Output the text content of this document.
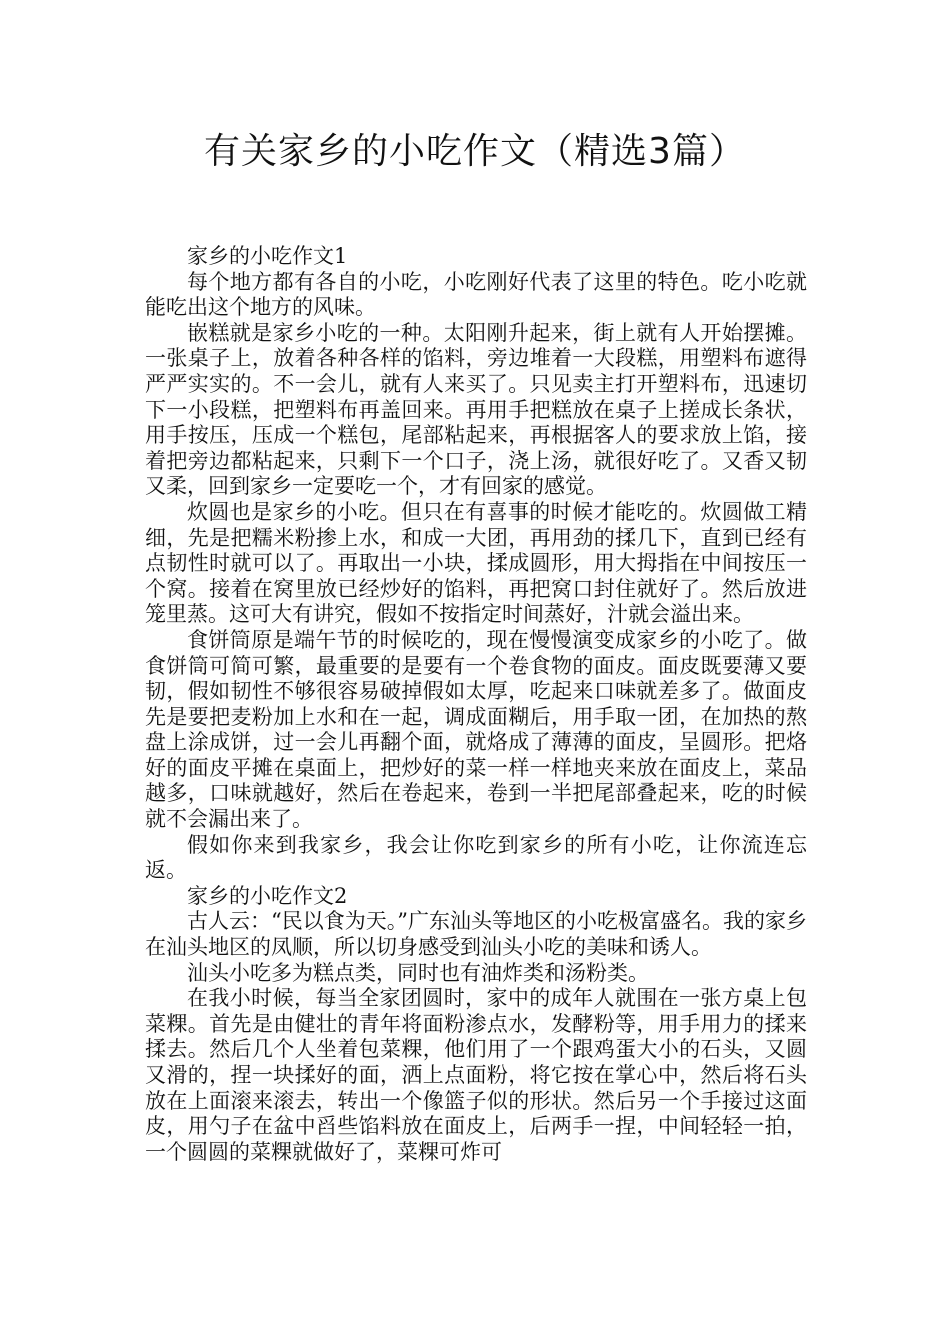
有关家乡的小吃作文（精选3篇）

家乡的小吃作文1

每个地方都有各自的小吃，小吃刚好代表了这里的特色。吃小吃就能吃出这个地方的风味。

嵌糕就是家乡小吃的一种。太阳刚升起来，街上就有人开始摆摊。一张桌子上，放着各种各样的馅料，旁边堆着一大段糕，用塑料布遮得严严实实的。不一会儿，就有人来买了。只见卖主打开塑料布，迅速切下一小段糕，把塑料布再盖回来。再用手把糕放在桌子上搓成长条状，用手按压，压成一个糕包，尾部粘起来，再根据客人的要求放上馅，接着把旁边都粘起来，只剩下一个口子，浇上汤，就很好吃了。又香又韧又柔，回到家乡一定要吃一个，才有回家的感觉。

炊圆也是家乡的小吃。但只在有喜事的时候才能吃的。炊圆做工精细，先是把糯米粉掺上水，和成一大团，再用劲的揉几下，直到已经有点韧性时就可以了。再取出一小块，揉成圆形，用大拇指在中间按压一个窝。接着在窝里放已经炒好的馅料，再把窝口封住就好了。然后放进笼里蒸。这可大有讲究，假如不按指定时间蒸好，汁就会溢出来。

食饼筒原是端午节的时候吃的，现在慢慢演变成家乡的小吃了。做食饼筒可简可繁，最重要的是要有一个卷食物的面皮。面皮既要薄又要韧，假如韧性不够很容易破掉假如太厚，吃起来口味就差多了。做面皮先是要把麦粉加上水和在一起，调成面糊后，用手取一团，在加热的熬盘上涂成饼，过一会儿再翻个面，就烙成了薄薄的面皮，呈圆形。把烙好的面皮平摊在桌面上，把炒好的菜一样一样地夹来放在面皮上，菜品越多，口味就越好，然后在卷起来，卷到一半把尾部叠起来，吃的时候就不会漏出来了。

假如你来到我家乡，我会让你吃到家乡的所有小吃，让你流连忘返。

家乡的小吃作文2

古人云：“民以食为天。”广东汕头等地区的小吃极富盛名。我的家乡在汕头地区的凤顺，所以切身感受到汕头小吃的美味和诱人。

汕头小吃多为糕点类，同时也有油炸类和汤粉类。

在我小时候，每当全家团圆时，家中的成年人就围在一张方桌上包菜粿。首先是由健壮的青年将面粉渗点水，发酵粉等，用手用力的揉来揉去。然后几个人坐着包菜粿，他们用了一个跟鸡蛋大小的石头，又圆又滑的，捏一块揉好的面，洒上点面粉，将它按在掌心中，然后将石头放在上面滚来滚去，转出一个像篮子似的形状。然后另一个手接过这面皮，用勺子在盆中舀些馅料放在面皮上，后两手一捏，中间轻轻一拍，一个圆圆的菜粿就做好了，菜粿可炸可
